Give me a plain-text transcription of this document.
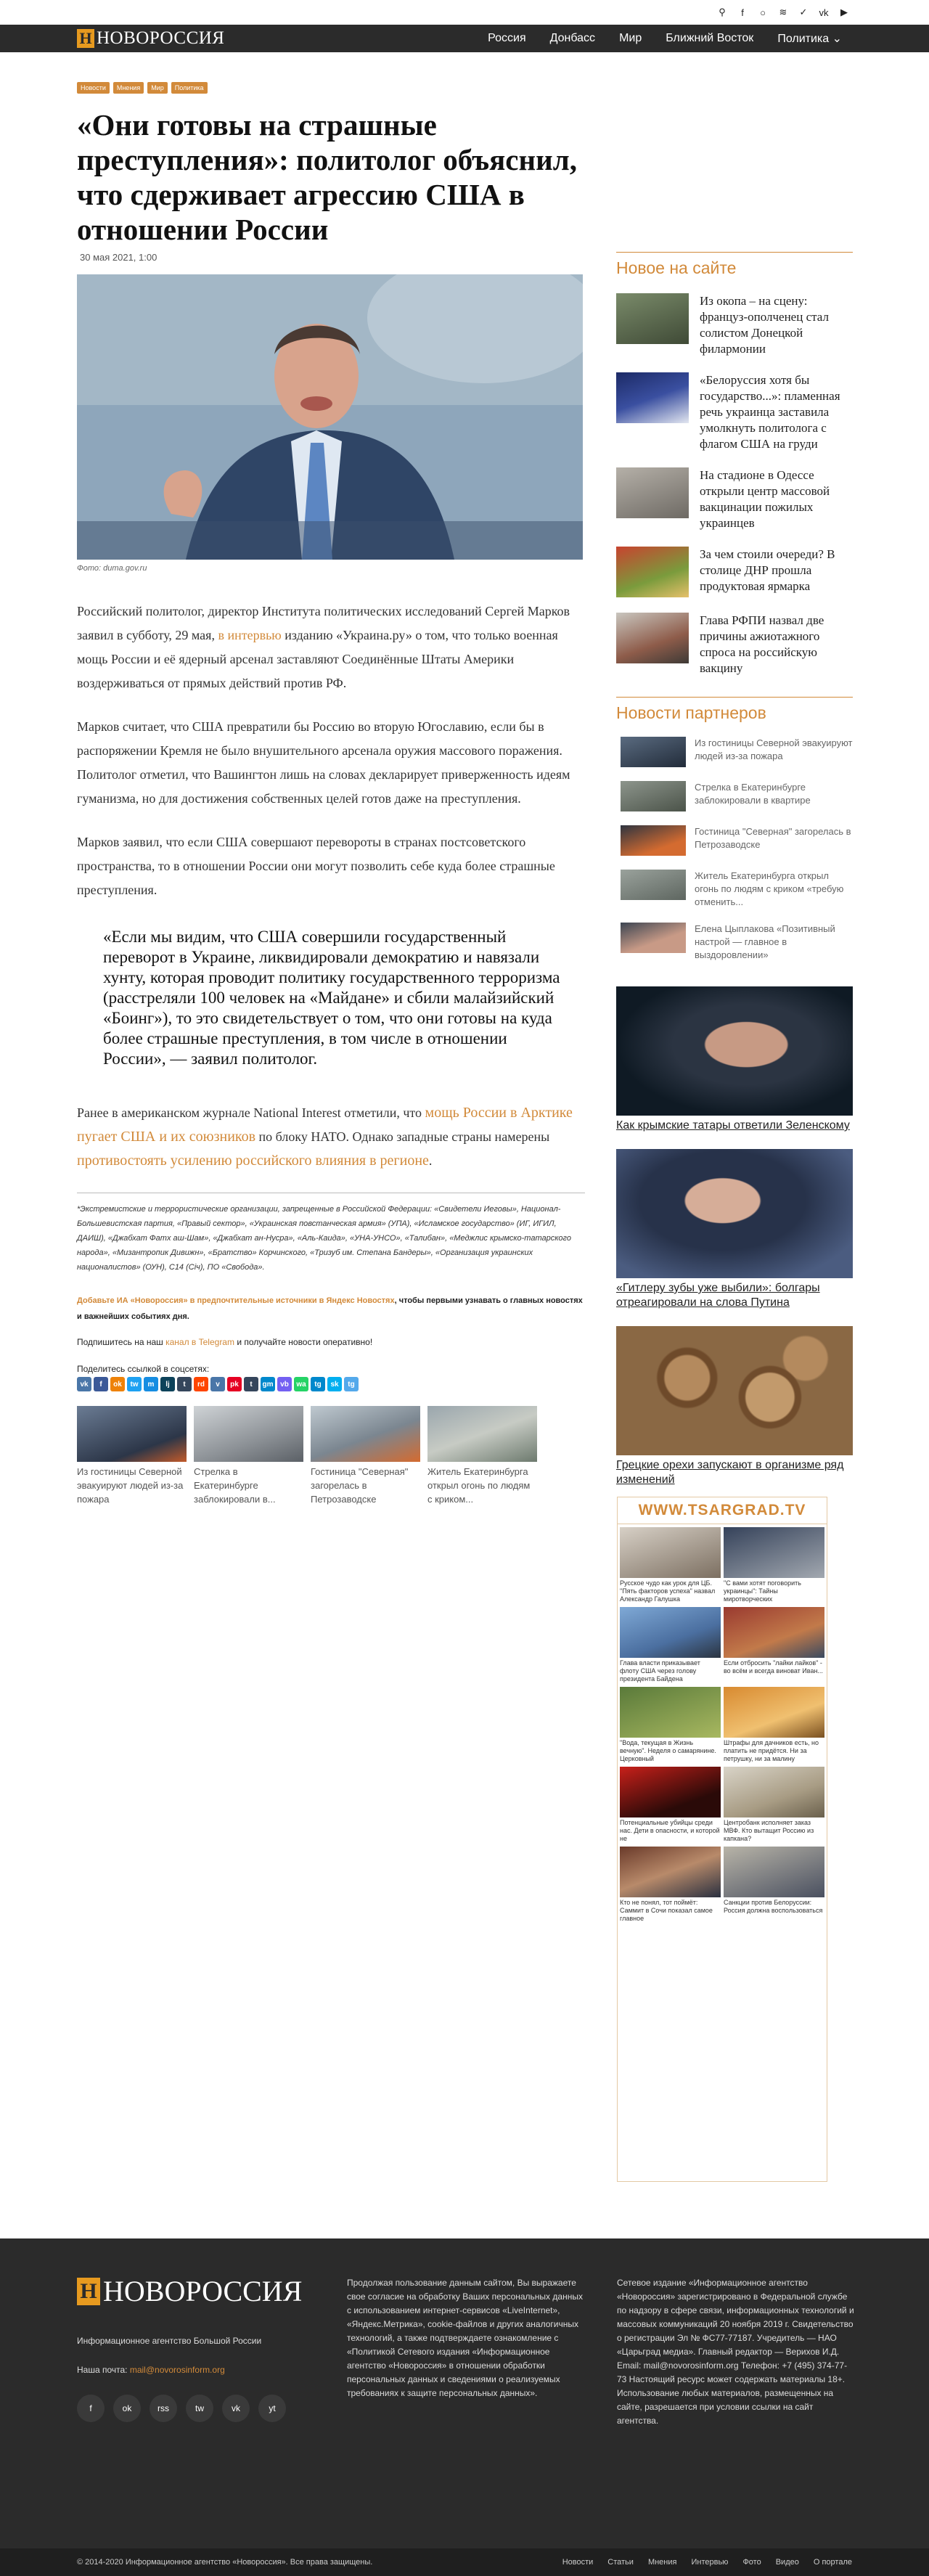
⚲	f	○	≋ ✓ vk	▶
Н НОВОРОССИЯ	Россия Донбасс Мир Ближний Восток Политика ⌄
Новости	Мнения	Мир	Политика
«Они готовы на страшные преступления»: политолог объяснил, что сдерживает агрессию США в отношении России
30 мая 2021, 1:00
Фото: duma.gov.ru

Российский политолог, директор Института политических исследований Сергей Марков заявил в субботу, 29 мая, в интервью изданию «Украина.ру» о том, что только военная мощь России и её ядерный арсенал заставляют Соединённые Штаты Америки воздерживаться от прямых действий против РФ.

Марков считает, что США превратили бы Россию во вторую Югославию, если бы в распоряжении Кремля не было внушительного арсенала оружия массового поражения. Политолог отметил, что Вашингтон лишь на словах декларирует приверженность идеям гуманизма, но для достижения собственных целей готов даже на преступления.

Марков заявил, что если США совершают перевороты в странах постсоветского пространства, то в отношении России они могут позволить себе куда более страшные преступления.

«Если мы видим, что США совершили государственный переворот в Украине, ликвидировали демократию и навязали хунту, которая проводит политику государственного терроризма (расстреляли 100 человек на «Майдане» и сбили малайзийский «Боинг»), то это свидетельствует о том, что они готовы на куда более страшные преступления, в том числе в отношении России», — заявил политолог.

Ранее в американском журнале National Interest отметили, что мощь России в Арктике пугает США и их союзников по блоку НАТО. Однако западные страны намерены противостоять усилению российского влияния в регионе.

*Экстремистские и террористические организации, запрещенные в Российской Федерации: «Свидетели Иеговы», Национал-Большевистская партия, «Правый сектор», «Украинская повстанческая армия» (УПА), «Исламское государство» (ИГ, ИГИЛ, ДАИШ), «Джабхат Фатх аш-Шам», «Джабхат ан-Нусра», «Аль-Каида», «УНА-УНСО», «Талибан», «Меджлис крымско-татарского народа», «Мизантропик Дивижн», «Братство» Корчинского, «Тризуб им. Степана Бандеры», «Организация украинских националистов» (ОУН), С14 (Січ), ПО «Свобода».
Добавьте ИА «Новороссия» в предпочтительные источники в Яндекс Новостях, чтобы первыми узнавать о главных новостях и важнейших событиях дня.
Подпишитесь на наш канал в Telegram и получайте новости оперативно!
Поделитесь ссылкой в соцсетях:
vk	f	ok	tw	m	lj	t	rd	v	pk	t	gm vb	wa	tg	sk	tg
Из гостиницы Северной эвакуируют людей из-за пожара
Стрелка в Екатеринбурге заблокировали в...
Гостиница "Северная" загорелась в Петрозаводске
Житель Екатеринбурга открыл огонь по людям с криком...
Новое на сайте
Из окопа – на сцену: француз-ополченец стал солистом Донецкой филармонии
«Белоруссия хотя бы государство...»: пламенная речь украинца заставила умолкнуть политолога с флагом США на груди
На стадионе в Одессе открыли центр массовой вакцинации пожилых украинцев
За чем стоили очереди? В столице ДНР прошла продуктовая ярмарка
Глава РФПИ назвал две причины ажиотажного спроса на российскую вакцину
Новости партнеров
Из гостиницы Северной эвакуируют людей из-за пожара
Стрелка в Екатеринбурге заблокировали в квартире
Гостиница "Северная" загорелась в Петрозаводске
Житель Екатеринбурга открыл огонь по людям с криком «требую отменить...
Елена Цыплакова «Позитивный настрой — главное в выздоровлении»
Как крымские татары ответили Зеленскому
«Гитлеру зубы уже выбили»: болгары отреагировали на слова Путина
Грецкие орехи запускают в организме ряд изменений
WWW.TSARGRAD.TV
Русское чудо как урок для ЦБ. "Пять факторов успеха" назвал Александр Галушка
"С вами хотят поговорить украинцы": Тайны миротворческих
Глава власти приказывает флоту США через голову президента Байдена
Если отбросить "лайки лайков" - во всём и всегда виноват Иван...
"Вода, текущая в Жизнь вечную". Неделя о самарянине. Церковный
Штрафы для дачников есть, но платить не придётся. Ни за петрушку, ни за малину
Потенциальные убийцы среди нас. Дети в опасности, и которой не
Центробанк исполняет заказ МВФ. Кто вытащит Россию из капкана?
Кто не понял, тот поймёт: Саммит в Сочи показал самое главное
Санкции против Белоруссии: Россия должна воспользоваться
Н НОВОРОССИЯ
Информационное агентство Большой России
Наша почта: mail@novorosinform.org
f	ok	rss	tw	vk	yt
Продолжая пользование данным сайтом, Вы выражаете свое согласие на обработку Ваших персональных данных с использованием интернет-сервисов «LiveInternet», «Яндекс.Метрика», cookie-файлов и других аналогичных технологий, а также подтверждаете ознакомление с «Политикой Сетевого издания «Информационное агентство «Новороссия» в отношении обработки персональных данных и сведениями о реализуемых требованиях к защите персональных данных».
Сетевое издание «Информационное агентство «Новороссия» зарегистрировано в Федеральной службе по надзору в сфере связи, информационных технологий и массовых коммуникаций 20 ноября 2019 г. Свидетельство о регистрации Эл № ФС77-77187. Учредитель — НАО «Царьград медиа». Главный редактор — Верихов И.Д. Email: mail@novorosinform.org Телефон: +7 (495) 374-77-73 Настоящий ресурс может содержать материалы 18+. Использование любых материалов, размещенных на сайте, разрешается при условии ссылки на сайт агентства.
© 2014-2020 Информационное агентство «Новороссия». Все права защищены.	Новости Статьи Мнения Интервью Фото Видео О портале
